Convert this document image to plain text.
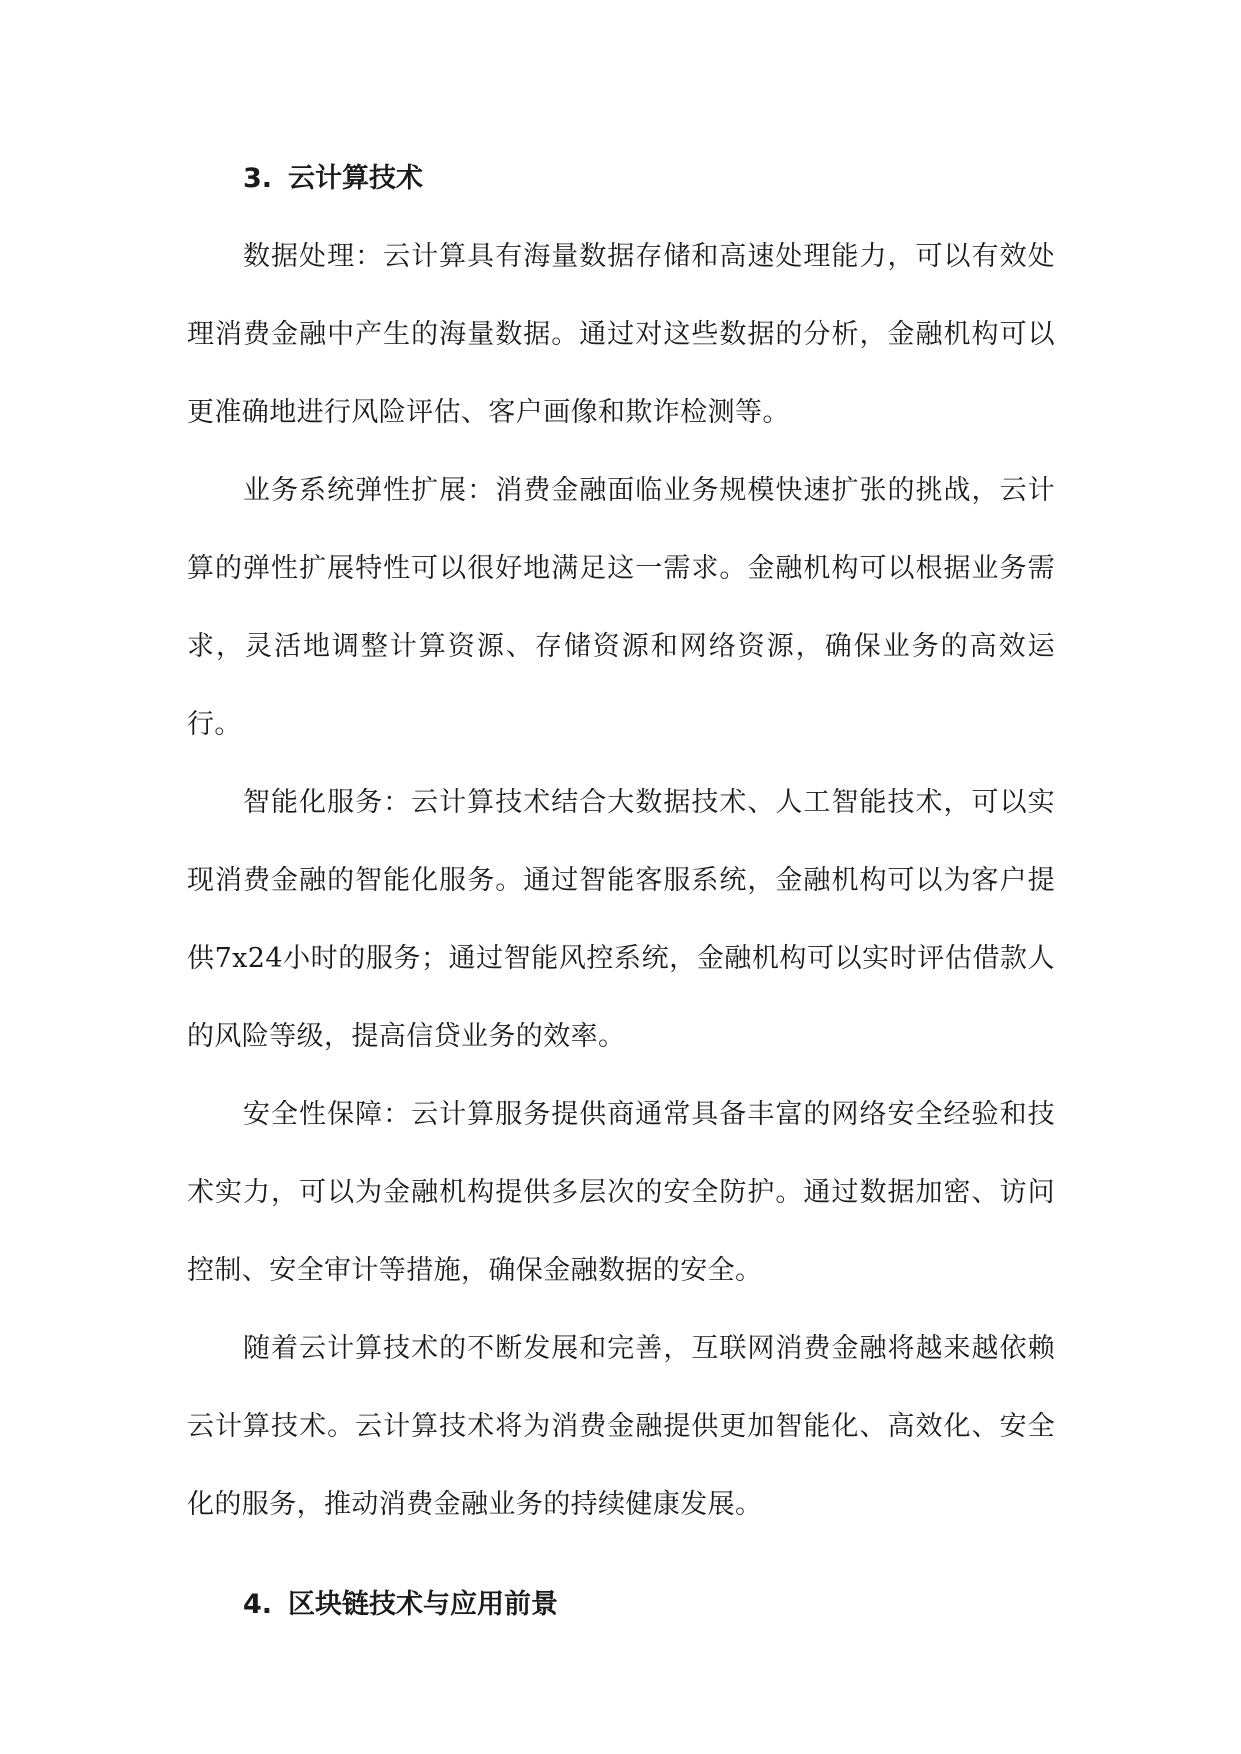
3. 云计算技术

数据处理：云计算具有海量数据存储和高速处理能力，可以有效处理消费金融中产生的海量数据。通过对这些数据的分析，金融机构可以更准确地进行风险评估、客户画像和欺诈检测等。

业务系统弹性扩展：消费金融面临业务规模快速扩张的挑战，云计算的弹性扩展特性可以很好地满足这一需求。金融机构可以根据业务需求，灵活地调整计算资源、存储资源和网络资源，确保业务的高效运行。

智能化服务：云计算技术结合大数据技术、人工智能技术，可以实现消费金融的智能化服务。通过智能客服系统，金融机构可以为客户提供7x24小时的服务；通过智能风控系统，金融机构可以实时评估借款人的风险等级，提高信贷业务的效率。

安全性保障：云计算服务提供商通常具备丰富的网络安全经验和技术实力，可以为金融机构提供多层次的安全防护。通过数据加密、访问控制、安全审计等措施，确保金融数据的安全。

随着云计算技术的不断发展和完善，互联网消费金融将越来越依赖云计算技术。云计算技术将为消费金融提供更加智能化、高效化、安全化的服务，推动消费金融业务的持续健康发展。

4. 区块链技术与应用前景
